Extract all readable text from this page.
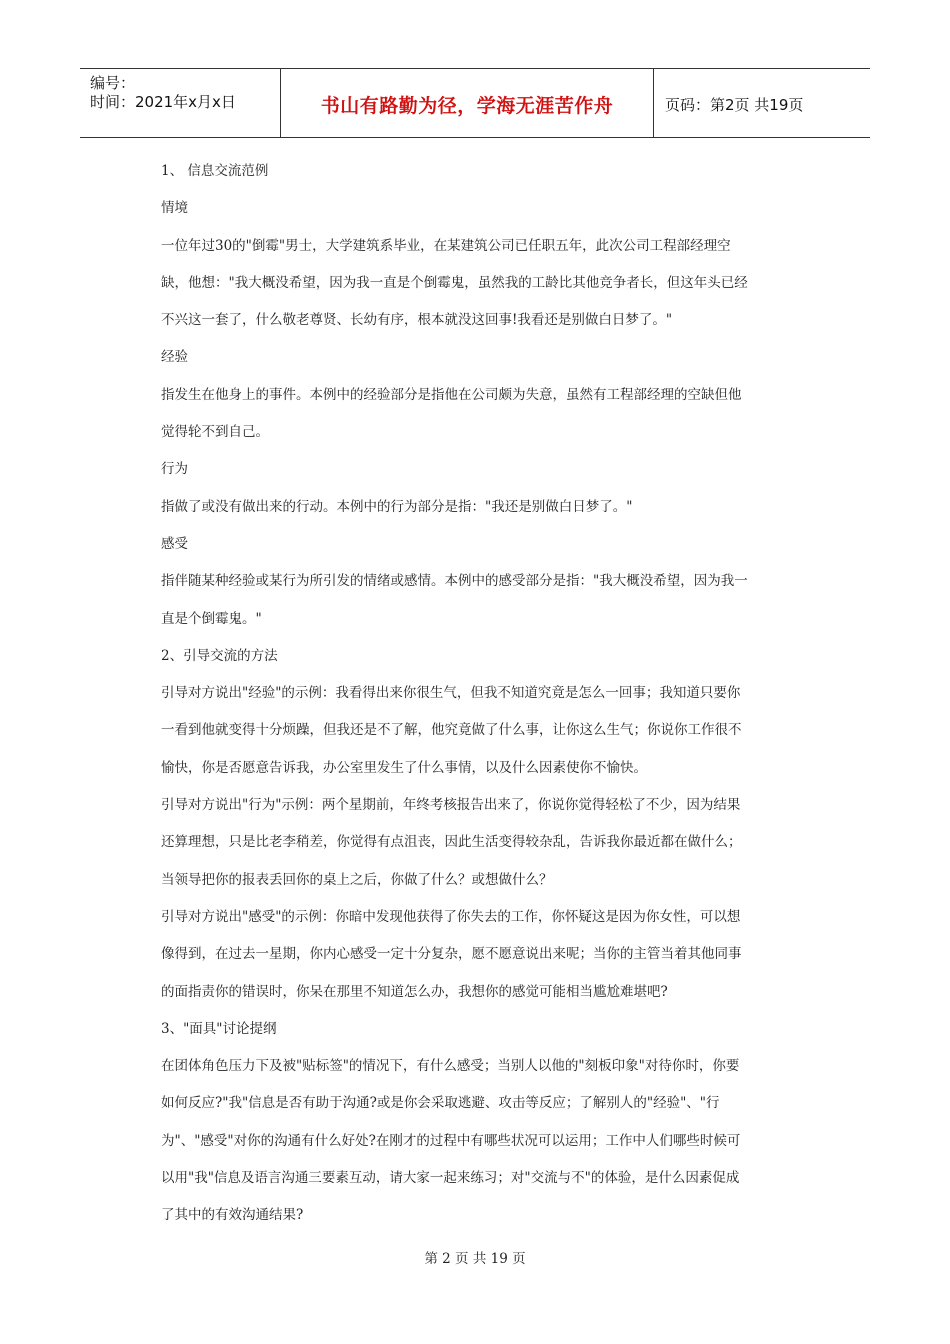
编号：
时间：2021年x月x日	书山有路勤为径，学海无涯苦作舟	页码：第2页 共19页
1、 信息交流范例
情境
一位年过30的"倒霉"男士，大学建筑系毕业，在某建筑公司已任职五年，此次公司工程部经理空
缺，他想："我大概没希望，因为我一直是个倒霉鬼，虽然我的工龄比其他竞争者长，但这年头已经
不兴这一套了，什么敬老尊贤、长幼有序，根本就没这回事!我看还是别做白日梦了。"
经验
指发生在他身上的事件。本例中的经验部分是指他在公司颇为失意，虽然有工程部经理的空缺但他
觉得轮不到自己。
行为
指做了或没有做出来的行动。本例中的行为部分是指："我还是别做白日梦了。"
感受
指伴随某种经验或某行为所引发的情绪或感情。本例中的感受部分是指："我大概没希望，因为我一
直是个倒霉鬼。"
2、引导交流的方法
引导对方说出"经验"的示例：我看得出来你很生气，但我不知道究竟是怎么一回事；我知道只要你
一看到他就变得十分烦躁，但我还是不了解，他究竟做了什么事，让你这么生气；你说你工作很不
愉快，你是否愿意告诉我，办公室里发生了什么事情，以及什么因素使你不愉快。
引导对方说出"行为"示例：两个星期前，年终考核报告出来了，你说你觉得轻松了不少，因为结果
还算理想，只是比老李稍差，你觉得有点沮丧，因此生活变得较杂乱，告诉我你最近都在做什么；
当领导把你的报表丢回你的桌上之后，你做了什么？或想做什么？
引导对方说出"感受"的示例：你暗中发现他获得了你失去的工作，你怀疑这是因为你女性，可以想
像得到，在过去一星期，你内心感受一定十分复杂，愿不愿意说出来呢；当你的主管当着其他同事
的面指责你的错误时，你呆在那里不知道怎么办，我想你的感觉可能相当尴尬难堪吧?
3、"面具"讨论提纲
在团体角色压力下及被"贴标签"的情况下，有什么感受；当别人以他的"刻板印象"对待你时，你要
如何反应?"我"信息是否有助于沟通?或是你会采取逃避、攻击等反应；了解别人的"经验"、"行
为"、"感受"对你的沟通有什么好处?在刚才的过程中有哪些状况可以运用；工作中人们哪些时候可
以用"我"信息及语言沟通三要素互动，请大家一起来练习；对"交流与不"的体验，是什么因素促成
了其中的有效沟通结果?
第 2 页 共 19 页
